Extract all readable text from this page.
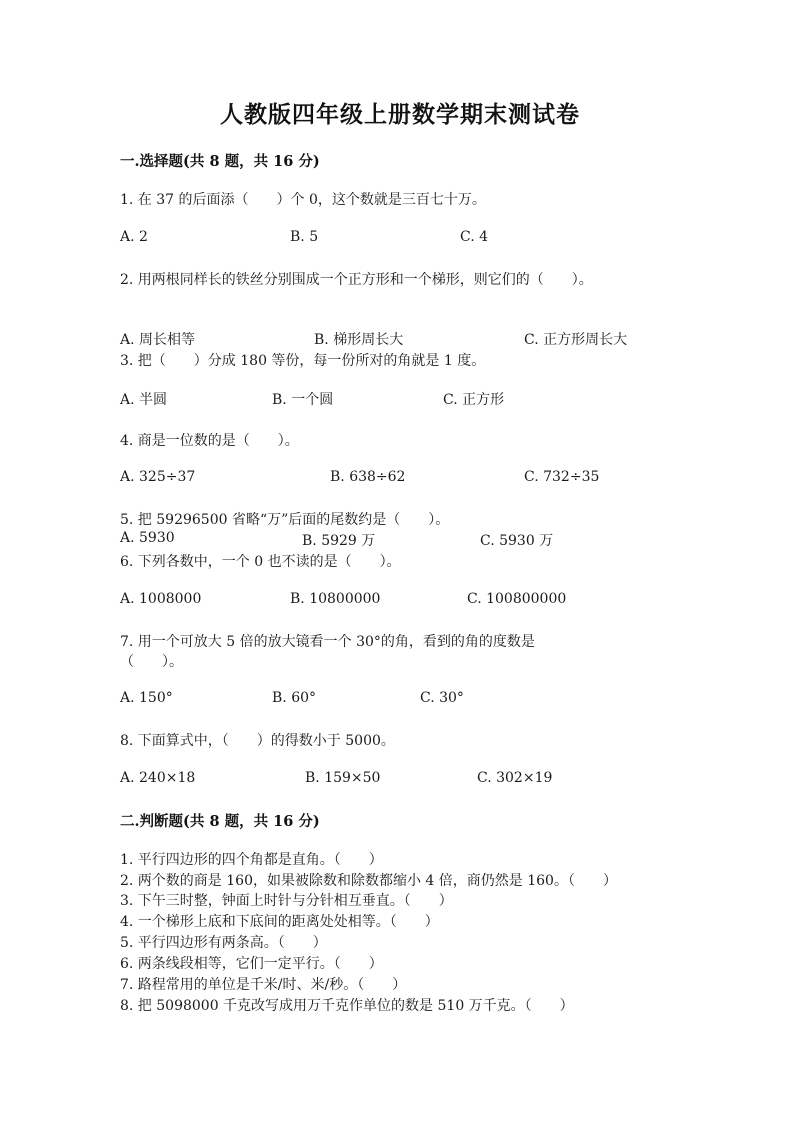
人教版四年级上册数学期末测试卷
一.选择题(共 8 题，共 16 分)
1. 在 37 的后面添（　　）个 0，这个数就是三百七十万。
A. 2	B. 5	C. 4
2. 用两根同样长的铁丝分别围成一个正方形和一个梯形，则它们的（　　）。
A. 周长相等	B. 梯形周长大	C. 正方形周长大
3. 把（　　）分成 180 等份，每一份所对的角就是 1 度。
A. 半圆	B. 一个圆	C. 正方形
4. 商是一位数的是（　　）。
A. 325÷37	B. 638÷62	C. 732÷35
5. 把 59296500 省略“万”后面的尾数约是（　　）。
A. 5930	B. 5929 万	C. 5930 万
6. 下列各数中，一个 0 也不读的是（　　）。
A. 1008000	B. 10800000	C. 100800000
7. 用一个可放大 5 倍的放大镜看一个 30°的角，看到的角的度数是
（　　）。
A. 150°	B. 60°	C. 30°
8. 下面算式中，（　　）的得数小于 5000。
A. 240×18	B. 159×50	C. 302×19
二.判断题(共 8 题，共 16 分)
1. 平行四边形的四个角都是直角。（　　）
2. 两个数的商是 160，如果被除数和除数都缩小 4 倍，商仍然是 160。（　　）
3. 下午三时整，钟面上时针与分针相互垂直。（　　）
4. 一个梯形上底和下底间的距离处处相等。（　　）
5. 平行四边形有两条高。（　　）
6. 两条线段相等，它们一定平行。（　　）
7. 路程常用的单位是千米/时、米/秒。（　　）
8. 把 5098000 千克改写成用万千克作单位的数是 510 万千克。（　　）
